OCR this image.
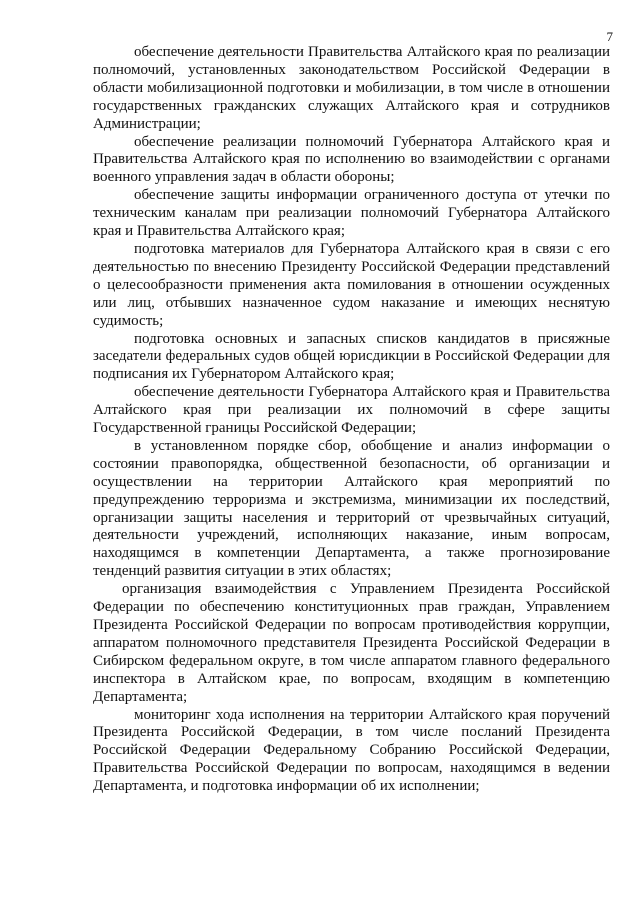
7

обеспечение деятельности Правительства Алтайского края по реализации полномочий, установленных законодательством Российской Федерации в области мобилизационной подготовки и мобилизации, в том числе в отношении государственных гражданских служащих Алтайского края и сотрудников Администрации;

обеспечение реализации полномочий Губернатора Алтайского края и Правительства Алтайского края по исполнению во взаимодействии с органами военного управления задач в области обороны;

обеспечение защиты информации ограниченного доступа от утечки по техническим каналам при реализации полномочий Губернатора Алтайского края и Правительства Алтайского края;

подготовка материалов для Губернатора Алтайского края в связи с его деятельностью по внесению Президенту Российской Федерации представлений о целесообразности применения акта помилования в отношении осужденных или лиц, отбывших назначенное судом наказание и имеющих неснятую судимость;

подготовка основных и запасных списков кандидатов в присяжные заседатели федеральных судов общей юрисдикции в Российской Федерации для подписания их Губернатором Алтайского края;

обеспечение деятельности Губернатора Алтайского края и Правительства Алтайского края при реализации их полномочий в сфере защиты Государственной границы Российской Федерации;

в установленном порядке сбор, обобщение и анализ информации о состоянии правопорядка, общественной безопасности, об организации и осуществлении на территории Алтайского края мероприятий по предупреждению терроризма и экстремизма, минимизации их последствий, организации защиты населения и территорий от чрезвычайных ситуаций, деятельности учреждений, исполняющих наказание, иным вопросам, находящимся в компетенции Департамента, а также прогнозирование тенденций развития ситуации в этих областях;

организация взаимодействия с Управлением Президента Российской Федерации по обеспечению конституционных прав граждан, Управлением Президента Российской Федерации по вопросам противодействия коррупции, аппаратом полномочного представителя Президента Российской Федерации в Сибирском федеральном округе, в том числе аппаратом главного федерального инспектора в Алтайском крае, по вопросам, входящим в компетенцию Департамента;

мониторинг хода исполнения на территории Алтайского края поручений Президента Российской Федерации, в том числе посланий Президента Российской Федерации Федеральному Собранию Российской Федерации, Правительства Российской Федерации по вопросам, находящимся в ведении Департамента, и подготовка информации об их исполнении;
